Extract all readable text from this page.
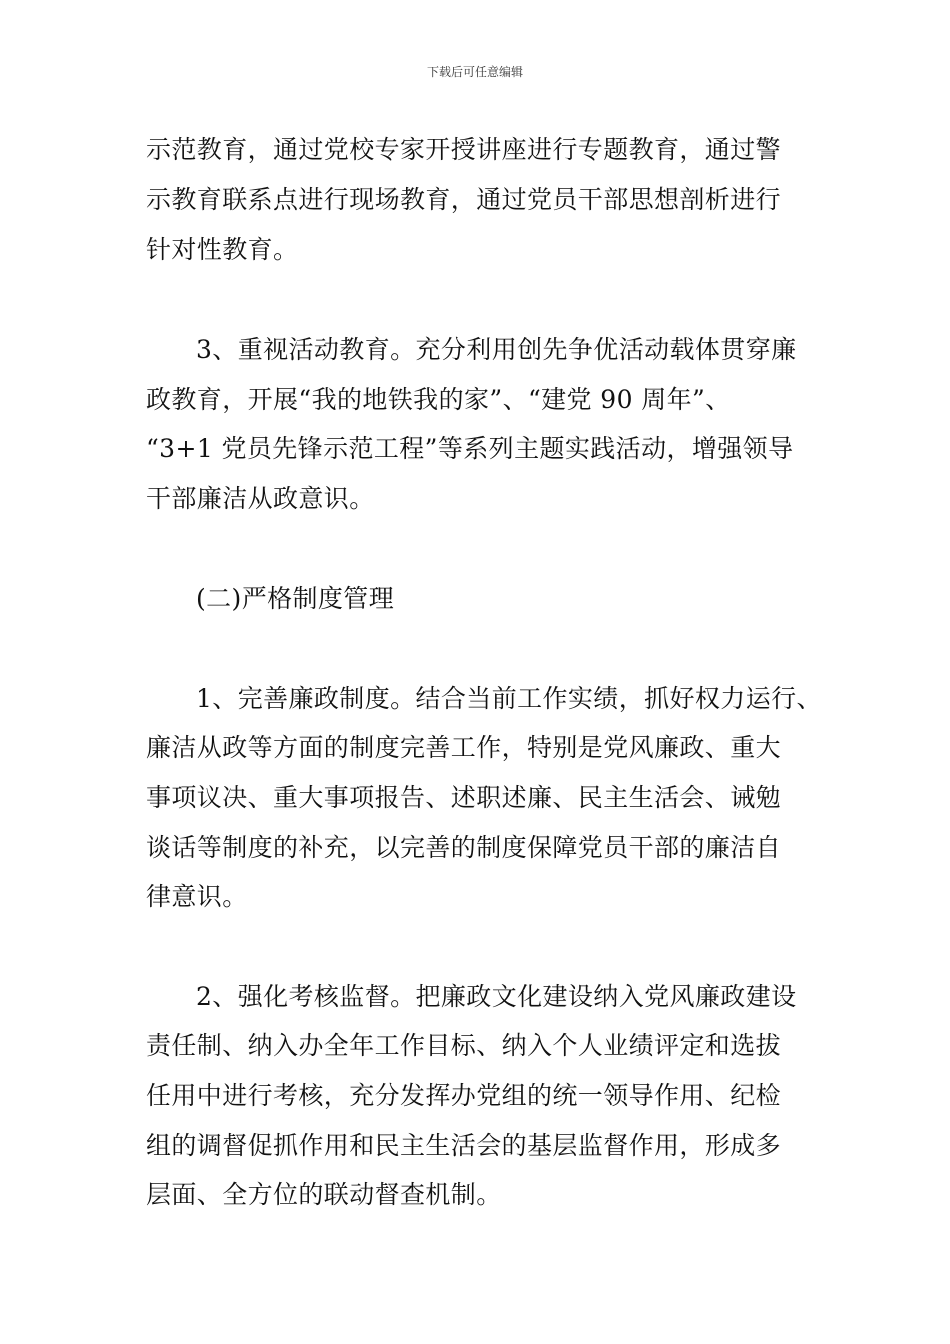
下载后可任意编辑
示范教育，通过党校专家开授讲座进行专题教育，通过警
示教育联系点进行现场教育，通过党员干部思想剖析进行
针对性教育。
3、重视活动教育。充分利用创先争优活动载体贯穿廉
政教育，开展“我的地铁我的家”、“建党 90 周年”、
“3+1 党员先锋示范工程”等系列主题实践活动，增强领导
干部廉洁从政意识。
(二)严格制度管理
1、完善廉政制度。结合当前工作实绩，抓好权力运行、
廉洁从政等方面的制度完善工作，特别是党风廉政、重大
事项议决、重大事项报告、述职述廉、民主生活会、诫勉
谈话等制度的补充，以完善的制度保障党员干部的廉洁自
律意识。
2、强化考核监督。把廉政文化建设纳入党风廉政建设
责任制、纳入办全年工作目标、纳入个人业绩评定和选拔
任用中进行考核，充分发挥办党组的统一领导作用、纪检
组的调督促抓作用和民主生活会的基层监督作用，形成多
层面、全方位的联动督查机制。
